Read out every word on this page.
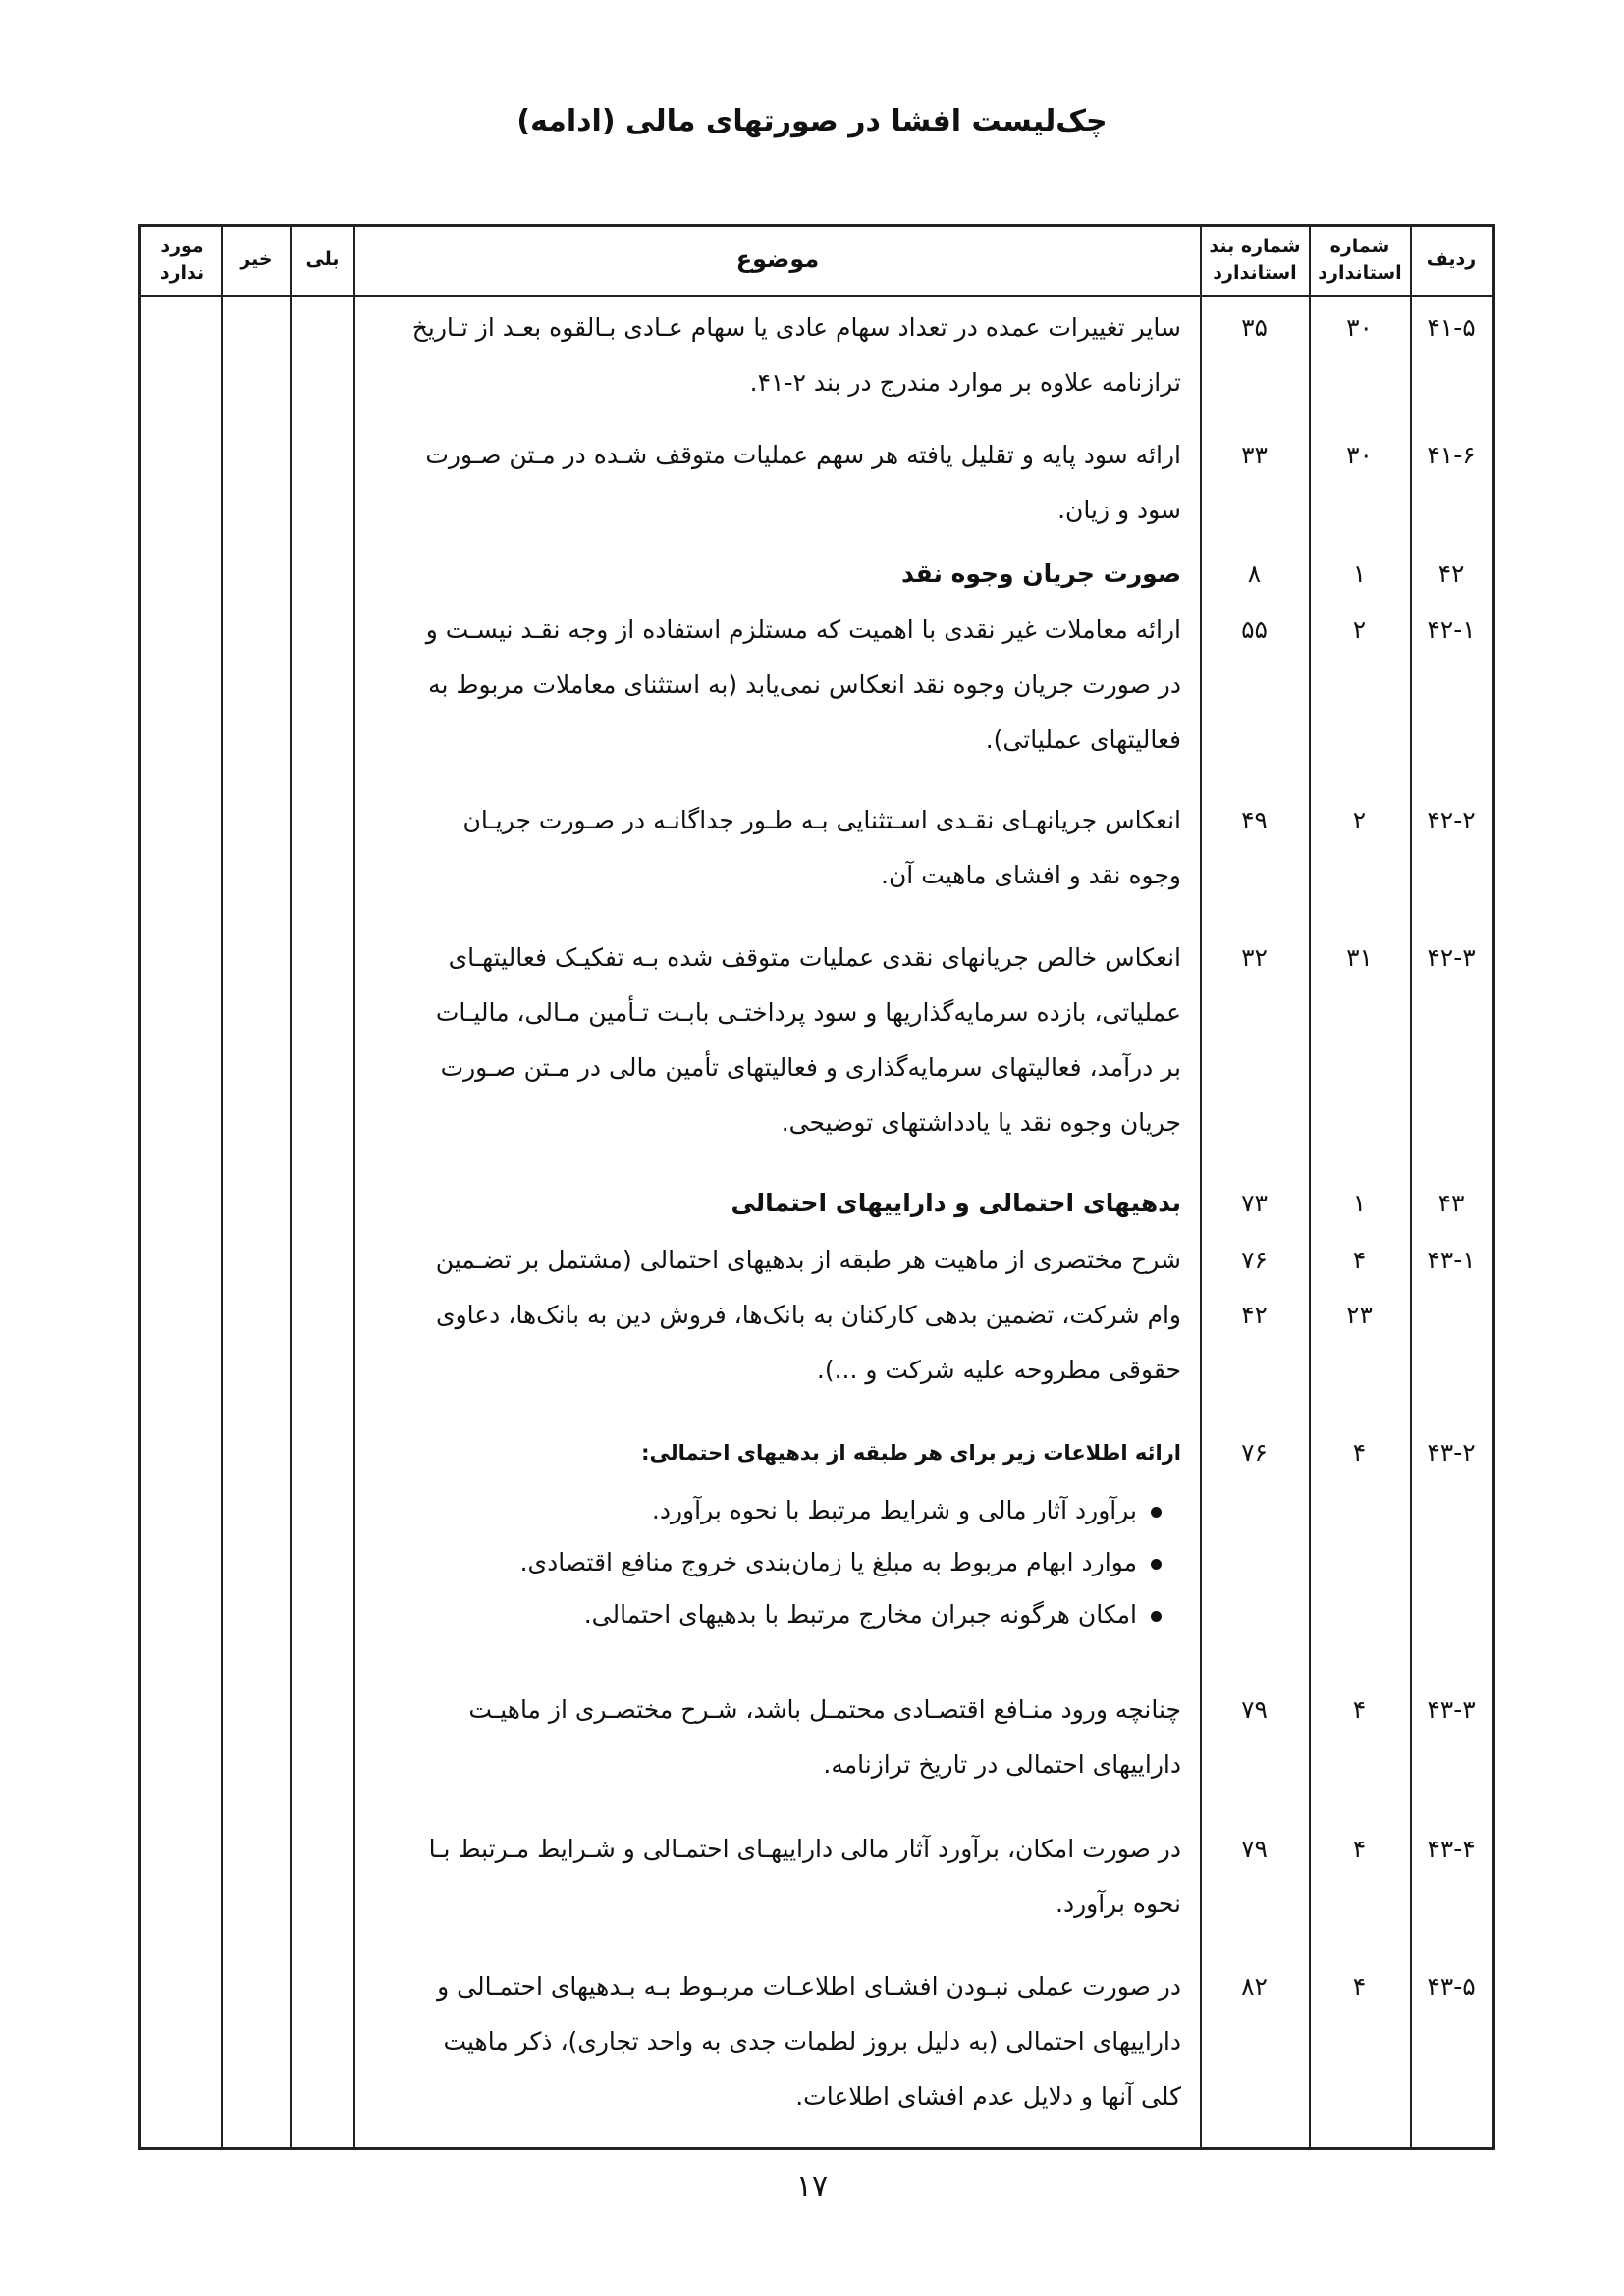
چک‌لیست افشا در صورتهای مالی (ادامه)
ردیف
شماره استاندارد
شماره بند استاندارد
موضوع
بلی
خیر
مورد ندارد
۴۱-۵
۳۰
۳۵
سایر تغییرات عمده در تعداد سهام عادی یا سهام عـادی بـالقوه بعـد از تـاریخ
ترازنامه علاوه بر موارد مندرج در بند ۲-۴۱.
۴۱-۶
۳۰
۳۳
ارائه سود پایه و تقلیل یافته هر سهم عملیات متوقف شـده در مـتن صـورت
سود و زیان.
۴۲
۱
۸
صورت جریان وجوه نقد
۴۲-۱
۲
۵۵
ارائه معاملات غیر نقدی با اهمیت که مستلزم استفاده از وجه نقـد نیسـت و
در صورت جریان وجوه نقد انعکاس نمی‌یابد (به استثنای معاملات مربوط به
فعالیتهای عملیاتی).
۴۲-۲
۲
۴۹
انعکاس جریانهـای نقـدی اسـتثنایی بـه طـور جداگانـه در صـورت جریـان
وجوه نقد و افشای ماهیت آن.
۴۲-۳
۳۱
۳۲
انعکاس خالص جریانهای نقدی عملیات متوقف شده بـه تفکیـک فعالیتهـای
عملیاتی، بازده سرمایه‌گذاریها و سود پرداختـی بابـت تـأمین مـالی، مالیـات
بر درآمد، فعالیتهای سرمایه‌گذاری و فعالیتهای تأمین مالی در مـتن صـورت
جریان وجوه نقد یا یادداشتهای توضیحی.
۴۳
۱
۷۳
بدهیهای احتمالی و داراییهای احتمالی
۴۳-۱
۴
۲۳
۷۶
۴۲
شرح مختصری از ماهیت هر طبقه از بدهیهای احتمالی (مشتمل بر تضـمین
وام شرکت، تضمین بدهی کارکنان به بانک‌ها، فروش دین به بانک‌ها، دعاوی
حقوقی مطروحه علیه شرکت و ...).
۴۳-۲
۴
۷۶
ارائه اطلاعات زیر برای هر طبقه از بدهیهای احتمالی:
برآورد آثار مالی و شرایط مرتبط با نحوه برآورد.
موارد ابهام مربوط به مبلغ یا زمان‌بندی خروج منافع اقتصادی.
امکان هرگونه جبران مخارج مرتبط با بدهیهای احتمالی.
۴۳-۳
۴
۷۹
چنانچه ورود منـافع اقتصـادی محتمـل باشد، شـرح مختصـری از ماهیـت
داراییهای احتمالی در تاریخ ترازنامه.
۴۳-۴
۴
۷۹
در صورت امکان، برآورد آثار مالی داراییهـای احتمـالی و شـرایط مـرتبط بـا
نحوه برآورد.
۴۳-۵
۴
۸۲
در صورت عملی نبـودن افشـای اطلاعـات مربـوط بـه بـدهیهای احتمـالی و
داراییهای احتمالی (به دلیل بروز لطمات جدی به واحد تجاری)، ذکر ماهیت
کلی آنها و دلایل عدم افشای اطلاعات.
۱۷
